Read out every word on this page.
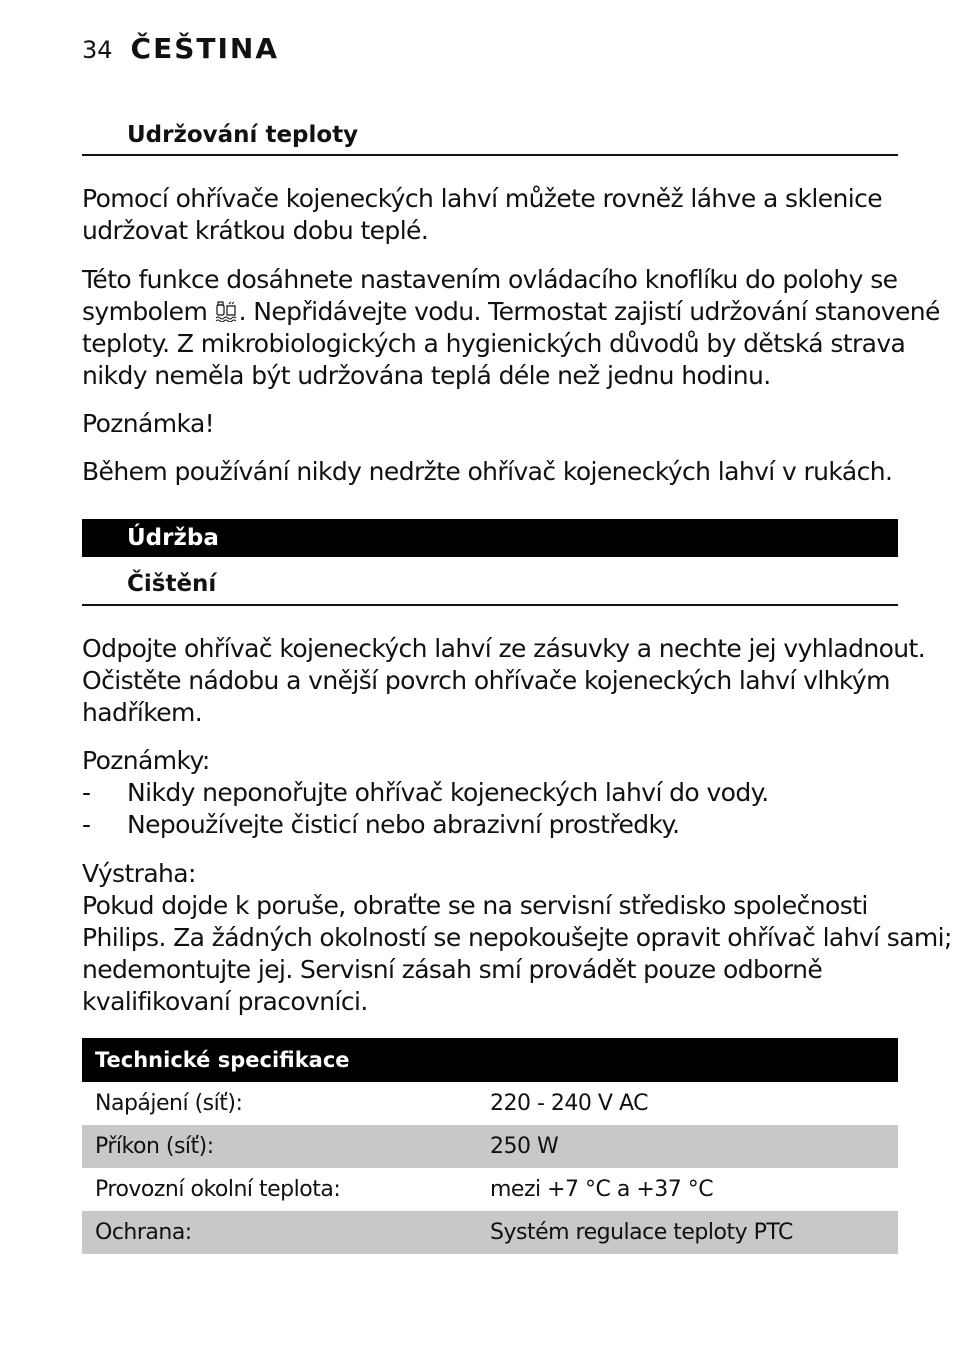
34 ČEŠTINA
Udržování teploty
Pomocí ohřívače kojeneckých lahví můžete rovněž láhve a sklenice
udržovat krátkou dobu teplé.
Této funkce dosáhnete nastavením ovládacího knoflíku do polohy se
symbolem . Nepřidávejte vodu. Termostat zajistí udržování stanovené
teploty. Z mikrobiologických a hygienických důvodů by dětská strava
nikdy neměla být udržována teplá déle než jednu hodinu.
Poznámka!
Během používání nikdy nedržte ohřívač kojeneckých lahví v rukách.
Údržba
Čištění
Odpojte ohřívač kojeneckých lahví ze zásuvky a nechte jej vyhladnout.
Očistěte nádobu a vnější povrch ohřívače kojeneckých lahví vlhkým
hadříkem.
Poznámky:
-	Nikdy neponořujte ohřívač kojeneckých lahví do vody.
-	Nepoužívejte čisticí nebo abrazivní prostředky.
Výstraha:
Pokud dojde k poruše, obraťte se na servisní středisko společnosti
Philips. Za žádných okolností se nepokoušejte opravit ohřívač lahví sami;
nedemontujte jej. Servisní zásah smí provádět pouze odborně
kvalifikovaní pracovníci.
Technické specifikace
Napájení (síť):	220 - 240 V AC
Příkon (síť):	250 W
Provozní okolní teplota:	mezi +7 °C a +37 °C
Ochrana:	Systém regulace teploty PTC
